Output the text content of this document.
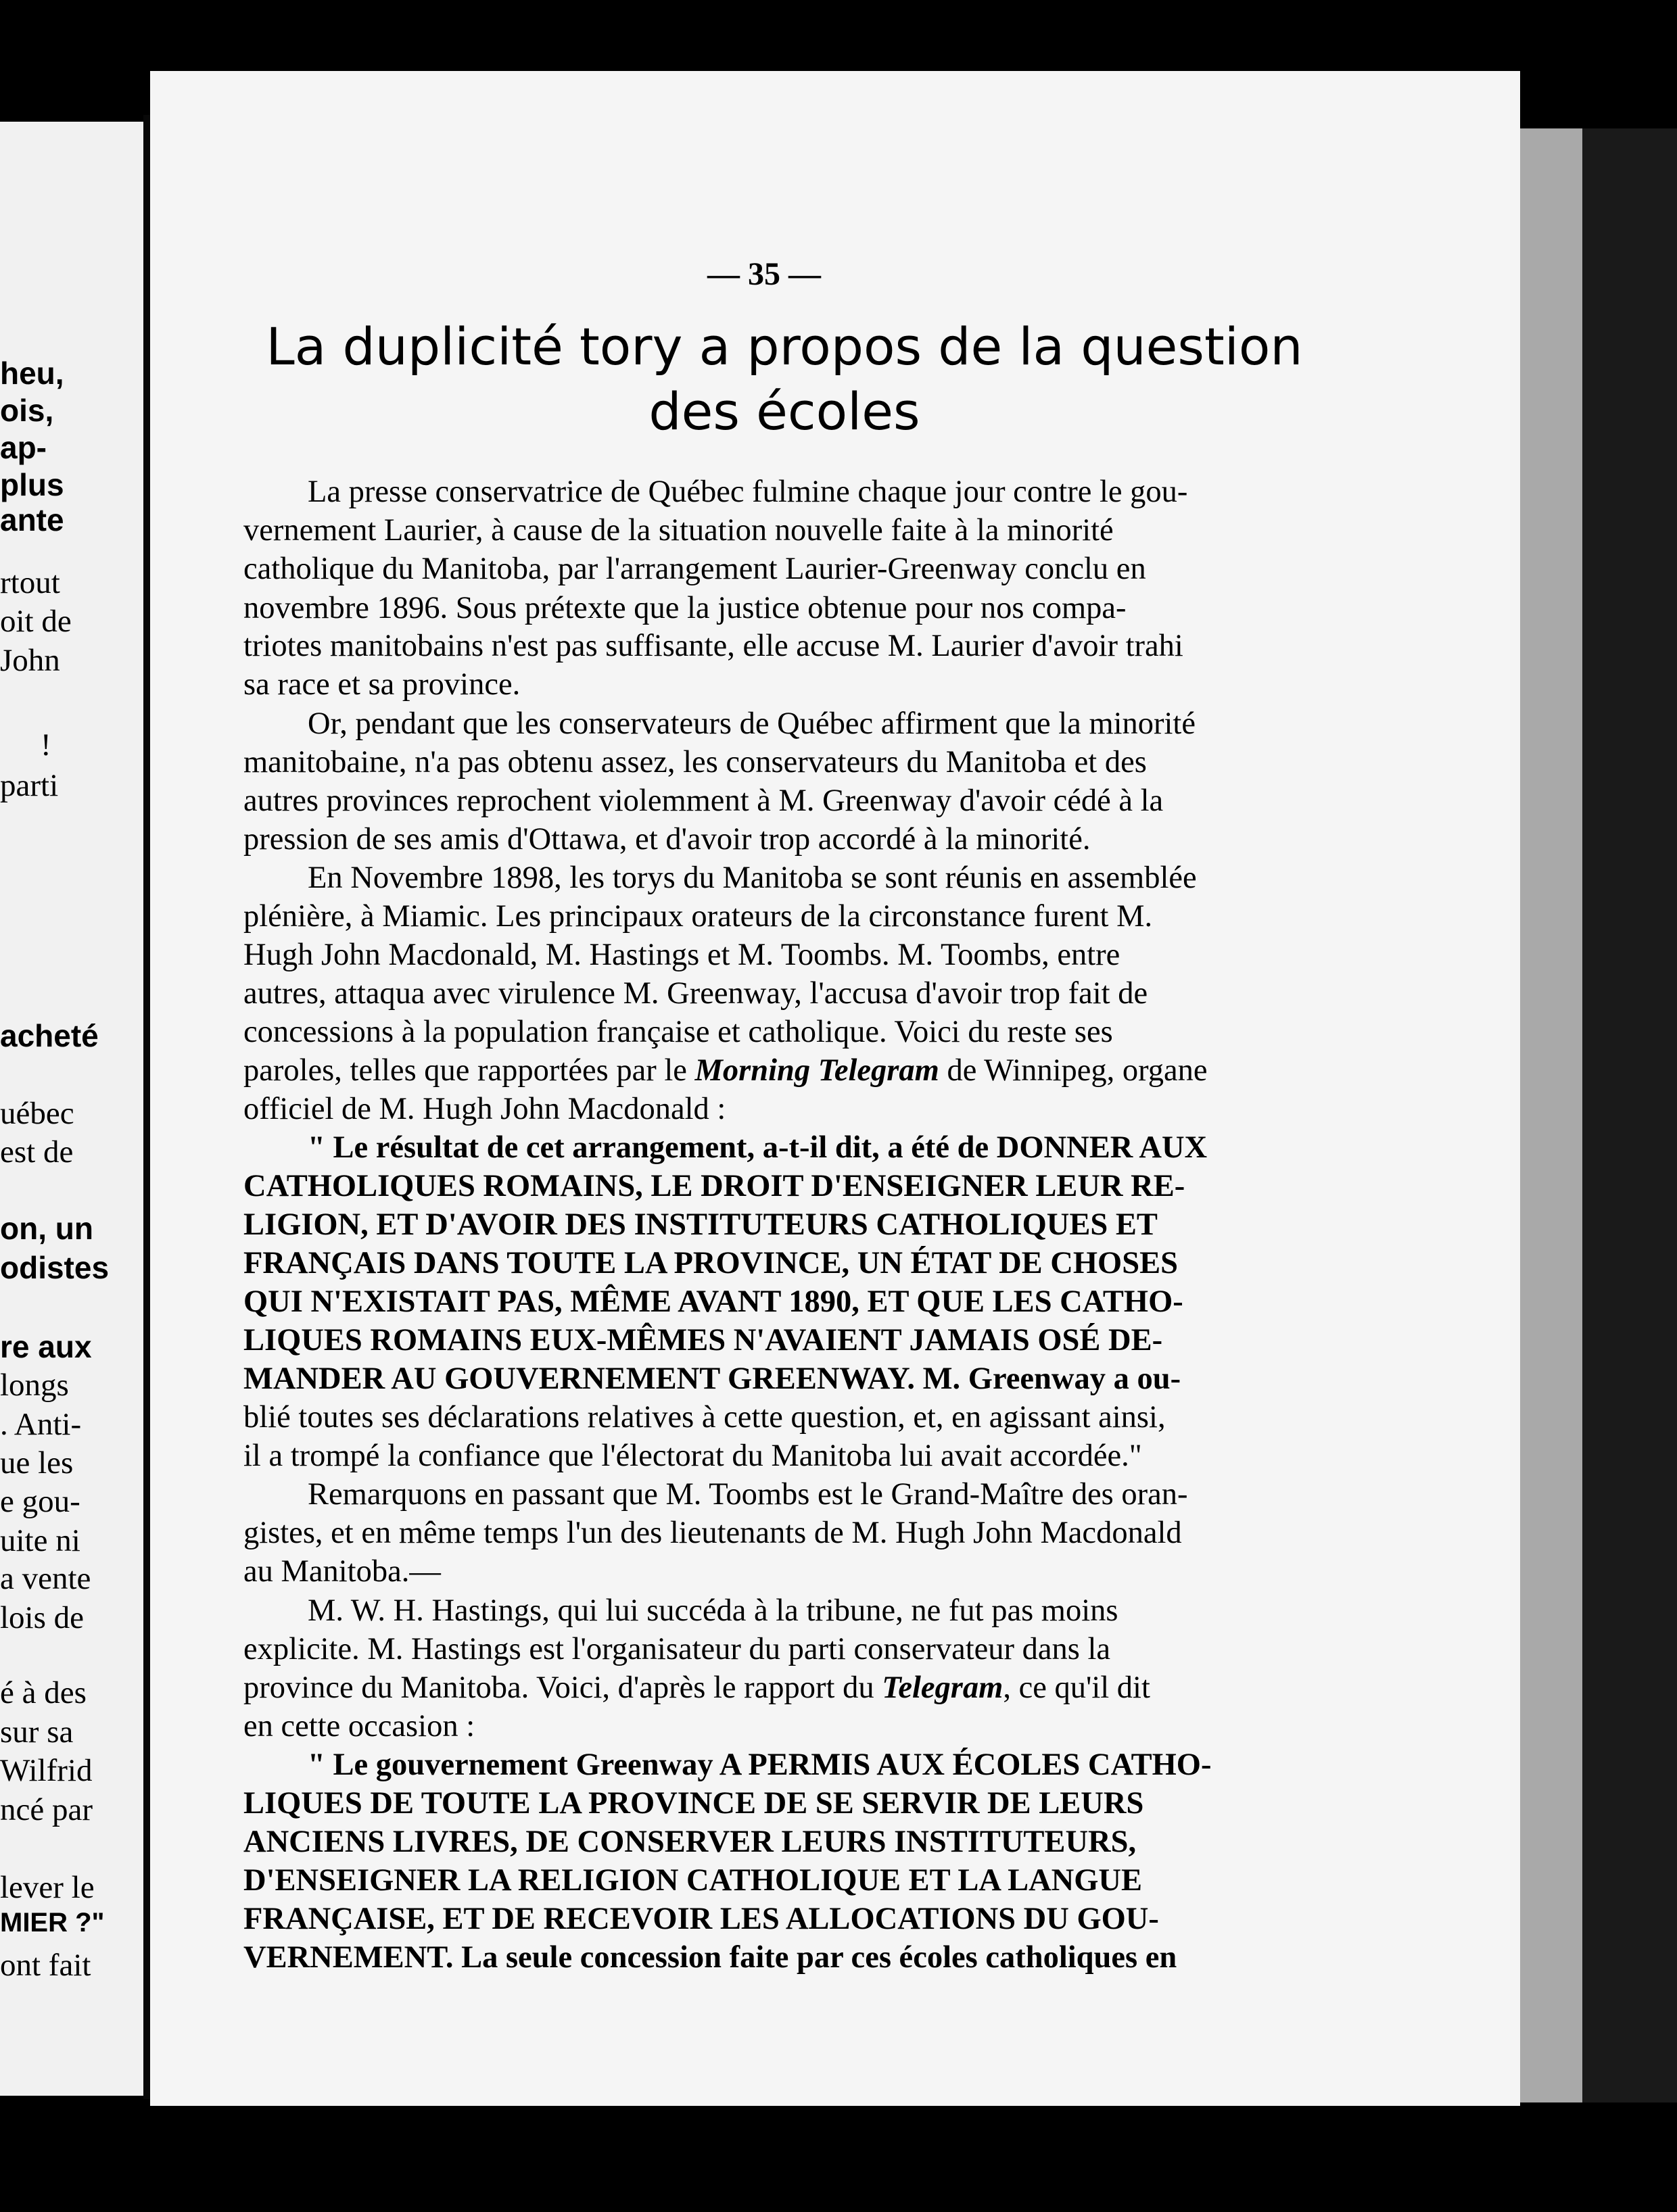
heu,
ois,
ap-
plus
ante
rtout
oit de
John
!
parti
acheté
uébec
est de
on, un
odistes
re aux
longs
. Anti-
ue les
e gou-
uite ni
a vente
lois de
é à des
sur sa
Wilfrid
ncé par
lever le
MIER ?"
ont fait
— 35 —
La duplicité tory a propos de la question
des écoles
La presse conservatrice de Québec fulmine chaque jour contre le gou-
vernement Laurier, à cause de la situation nouvelle faite à la minorité
catholique du Manitoba, par l'arrangement Laurier-Greenway conclu en
novembre 1896. Sous prétexte que la justice obtenue pour nos compa-
triotes manitobains n'est pas suffisante, elle accuse M. Laurier d'avoir trahi
sa race et sa province.
Or, pendant que les conservateurs de Québec affirment que la minorité
manitobaine, n'a pas obtenu assez, les conservateurs du Manitoba et des
autres provinces reprochent violemment à M. Greenway d'avoir cédé à la
pression de ses amis d'Ottawa, et d'avoir trop accordé à la minorité.
En Novembre 1898, les torys du Manitoba se sont réunis en assemblée
plénière, à Miamic. Les principaux orateurs de la circonstance furent M.
Hugh John Macdonald, M. Hastings et M. Toombs. M. Toombs, entre
autres, attaqua avec virulence M. Greenway, l'accusa d'avoir trop fait de
concessions à la population française et catholique. Voici du reste ses
paroles, telles que rapportées par le Morning Telegram de Winnipeg, organe
officiel de M. Hugh John Macdonald :
" Le résultat de cet arrangement, a-t-il dit, a été de DONNER AUX
CATHOLIQUES ROMAINS, LE DROIT D'ENSEIGNER LEUR RE-
LIGION, ET D'AVOIR DES INSTITUTEURS CATHOLIQUES ET
FRANÇAIS DANS TOUTE LA PROVINCE, UN ÉTAT DE CHOSES
QUI N'EXISTAIT PAS, MÊME AVANT 1890, ET QUE LES CATHO-
LIQUES ROMAINS EUX-MÊMES N'AVAIENT JAMAIS OSÉ DE-
MANDER AU GOUVERNEMENT GREENWAY. M. Greenway a ou-
blié toutes ses déclarations relatives à cette question, et, en agissant ainsi,
il a trompé la confiance que l'électorat du Manitoba lui avait accordée."
Remarquons en passant que M. Toombs est le Grand-Maître des oran-
gistes, et en même temps l'un des lieutenants de M. Hugh John Macdonald
au Manitoba.—
M. W. H. Hastings, qui lui succéda à la tribune, ne fut pas moins
explicite. M. Hastings est l'organisateur du parti conservateur dans la
province du Manitoba. Voici, d'après le rapport du Telegram, ce qu'il dit
en cette occasion :
" Le gouvernement Greenway A PERMIS AUX ÉCOLES CATHO-
LIQUES DE TOUTE LA PROVINCE DE SE SERVIR DE LEURS
ANCIENS LIVRES, DE CONSERVER LEURS INSTITUTEURS,
D'ENSEIGNER LA RELIGION CATHOLIQUE ET LA LANGUE
FRANÇAISE, ET DE RECEVOIR LES ALLOCATIONS DU GOU-
VERNEMENT. La seule concession faite par ces écoles catholiques en
